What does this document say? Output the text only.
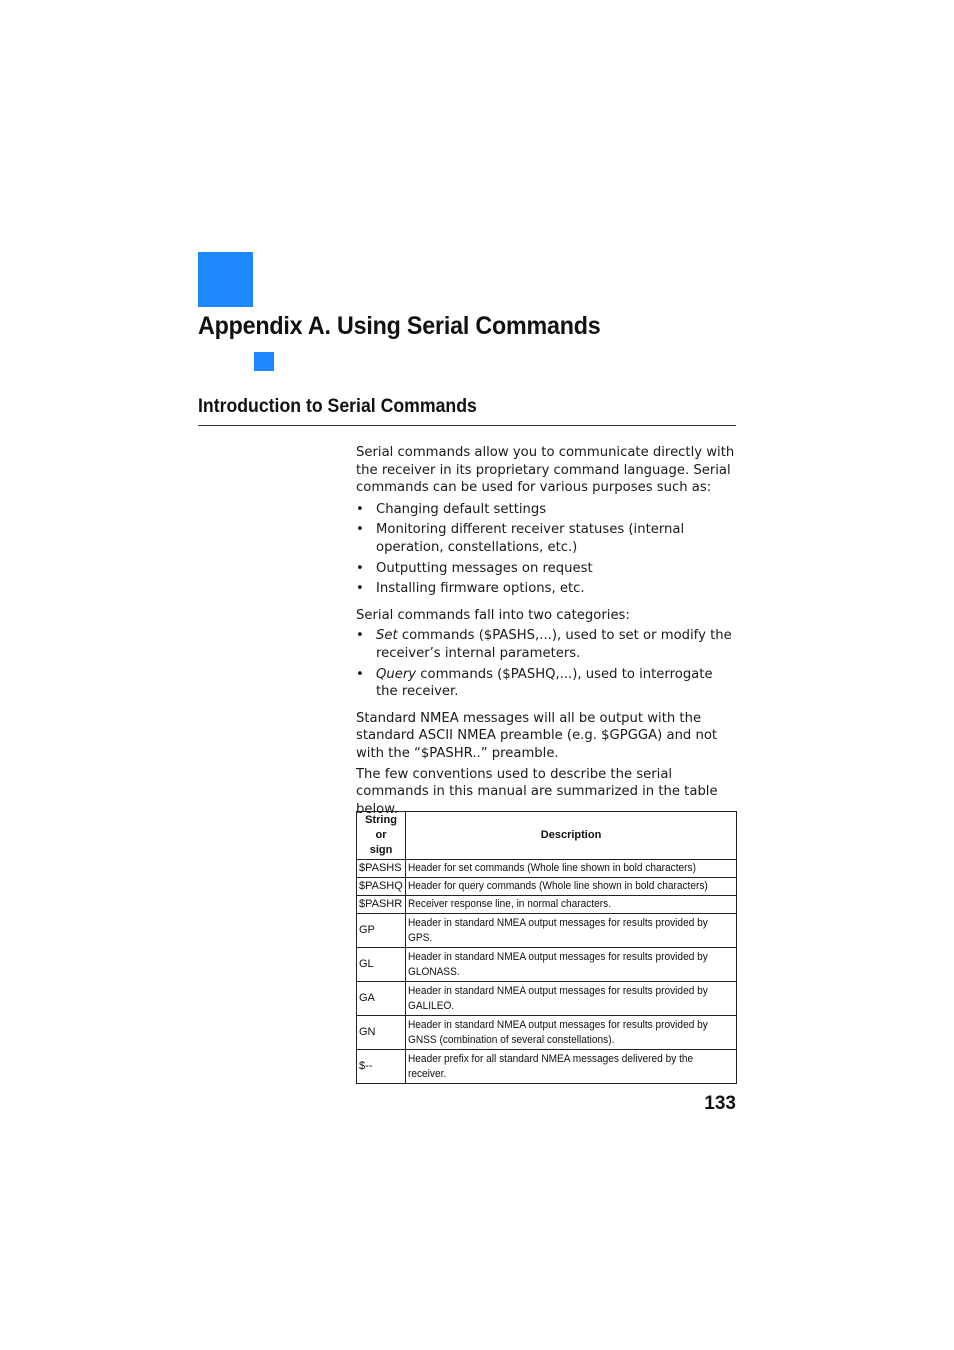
Appendix A. Using Serial Commands
Introduction to Serial Commands

Serial commands allow you to communicate directly with the receiver in its proprietary command language. Serial commands can be used for various purposes such as:

• Changing default settings
• Monitoring different receiver statuses (internal operation, constellations, etc.)
• Outputting messages on request
• Installing firmware options, etc.

Serial commands fall into two categories:

• Set commands ($PASHS,...), used to set or modify the receiver’s internal parameters.
• Query commands ($PASHQ,...), used to interrogate the receiver.

Standard NMEA messages will all be output with the standard ASCII NMEA preamble (e.g. $GPGGA) and not with the “$PASHR..” preamble.

The few conventions used to describe the serial commands in this manual are summarized in the table below.

String or
sign	Description
$PASHS	Header for set commands (Whole line shown in bold characters)
$PASHQ	Header for query commands (Whole line shown in bold characters)
$PASHR	Receiver response line, in normal characters.
GP	Header in standard NMEA output messages for results provided by
GPS.
GL	Header in standard NMEA output messages for results provided by
GLONASS.
GA	Header in standard NMEA output messages for results provided by
GALILEO.
GN	Header in standard NMEA output messages for results provided by
GNSS (combination of several constellations).
$--	Header prefix for all standard NMEA messages delivered by the
receiver.

133
